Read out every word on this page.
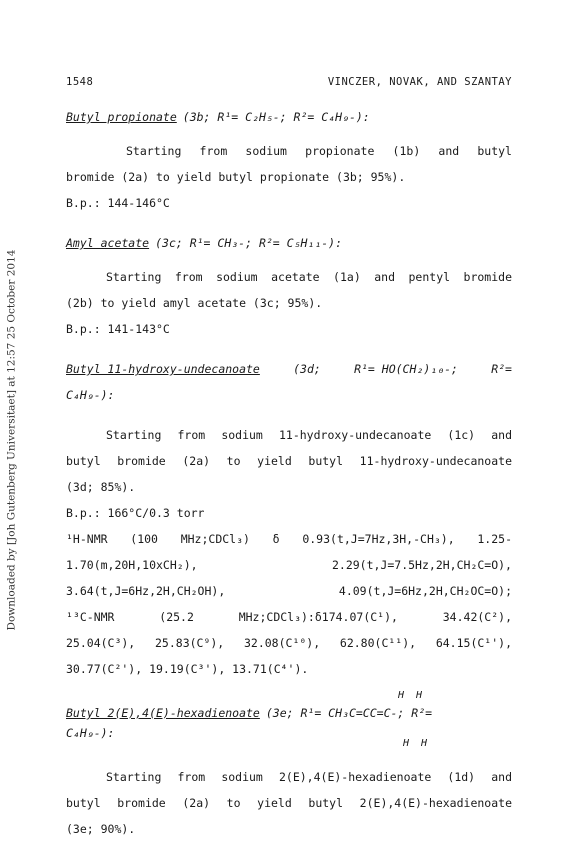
Downloaded by [Joh Gutenberg Universitaet] at 12:57 25 October 2014
1548	VINCZER, NOVAK, AND SZANTAY
Butyl propionate (3b; R¹= C₂H₅-; R²= C₄H₉-):
Starting from sodium propionate (1b) and butyl
bromide (2a) to yield butyl propionate (3b; 95%).
B.p.: 144-146°C
Amyl acetate (3c; R¹= CH₃-; R²= C₅H₁₁-):
Starting from sodium acetate (1a) and pentyl bromide
(2b) to yield amyl acetate (3c; 95%).
B.p.: 141-143°C
Butyl 11-hydroxy-undecanoate	(3d;	R¹= HO(CH₂)₁₀-;	R²=
C₄H₉-):
Starting from sodium 11-hydroxy-undecanoate (1c) and
butyl bromide (2a) to yield butyl 11-hydroxy-undecanoate
(3d; 85%).
B.p.: 166°C/0.3 torr
¹H-NMR (100 MHz;CDCl₃) δ 0.93(t,J=7Hz,3H,-CH₃), 1.25-
1.70(m,20H,10xCH₂), 2.29(t,J=7.5Hz,2H,CH₂C=O),
3.64(t,J=6Hz,2H,CH₂OH), 4.09(t,J=6Hz,2H,CH₂OC=O);
¹³C-NMR (25.2 MHz;CDCl₃):δ174.07(C¹), 34.42(C²),
25.04(C³), 25.83(C⁹), 32.08(C¹⁰), 62.80(C¹¹), 64.15(C¹'),
30.77(C²'), 19.19(C³'), 13.71(C⁴').
H H
Butyl 2(E),4(E)-hexadienoate (3e; R¹= CH₃C=CC=C-; R²=
C₄H₉-):
H H
Starting from sodium 2(E),4(E)-hexadienoate (1d) and
butyl bromide (2a) to yield butyl 2(E),4(E)-hexadienoate
(3e; 90%).
